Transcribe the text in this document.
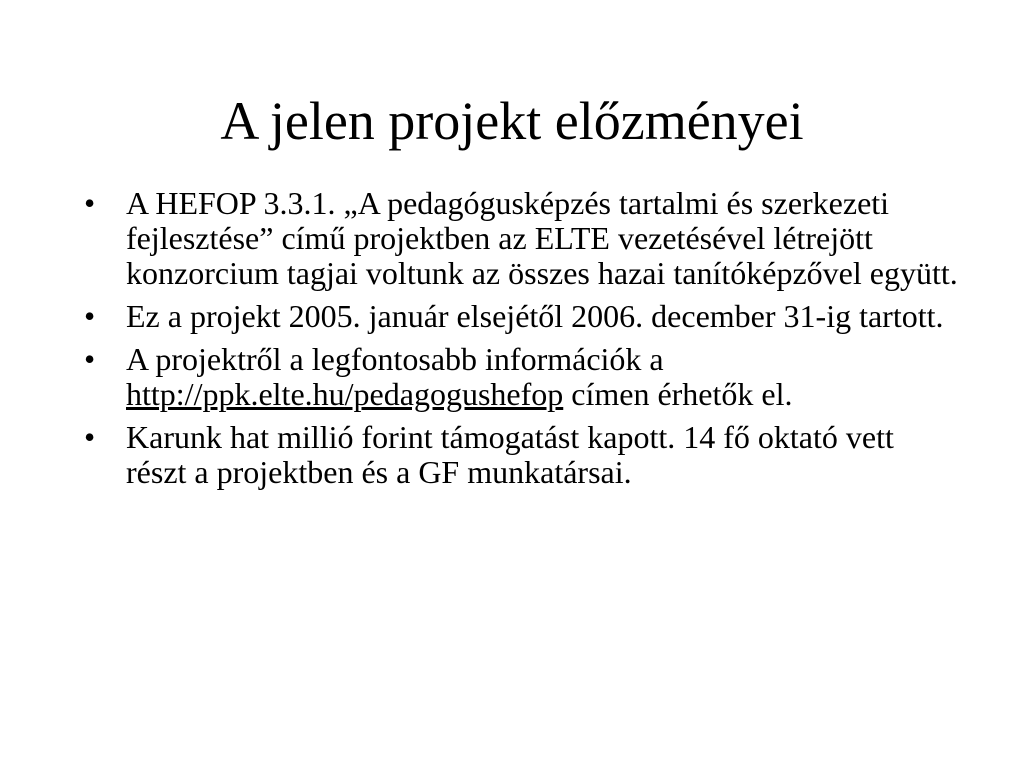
A jelen projekt előzményei
• A HEFOP 3.3.1. „A pedagógusképzés tartalmi és szerkezeti fejlesztése” című projektben az ELTE vezetésével létrejött konzorcium tagjai voltunk az összes hazai tanítóképzővel együtt.
• Ez a projekt 2005. január elsejétől 2006. december 31-ig tartott.
• A projektről a legfontosabb információk a http://ppk.elte.hu/pedagogushefop címen érhetők el.
• Karunk hat millió forint támogatást kapott. 14 fő oktató vett részt a projektben és a GF munkatársai.
